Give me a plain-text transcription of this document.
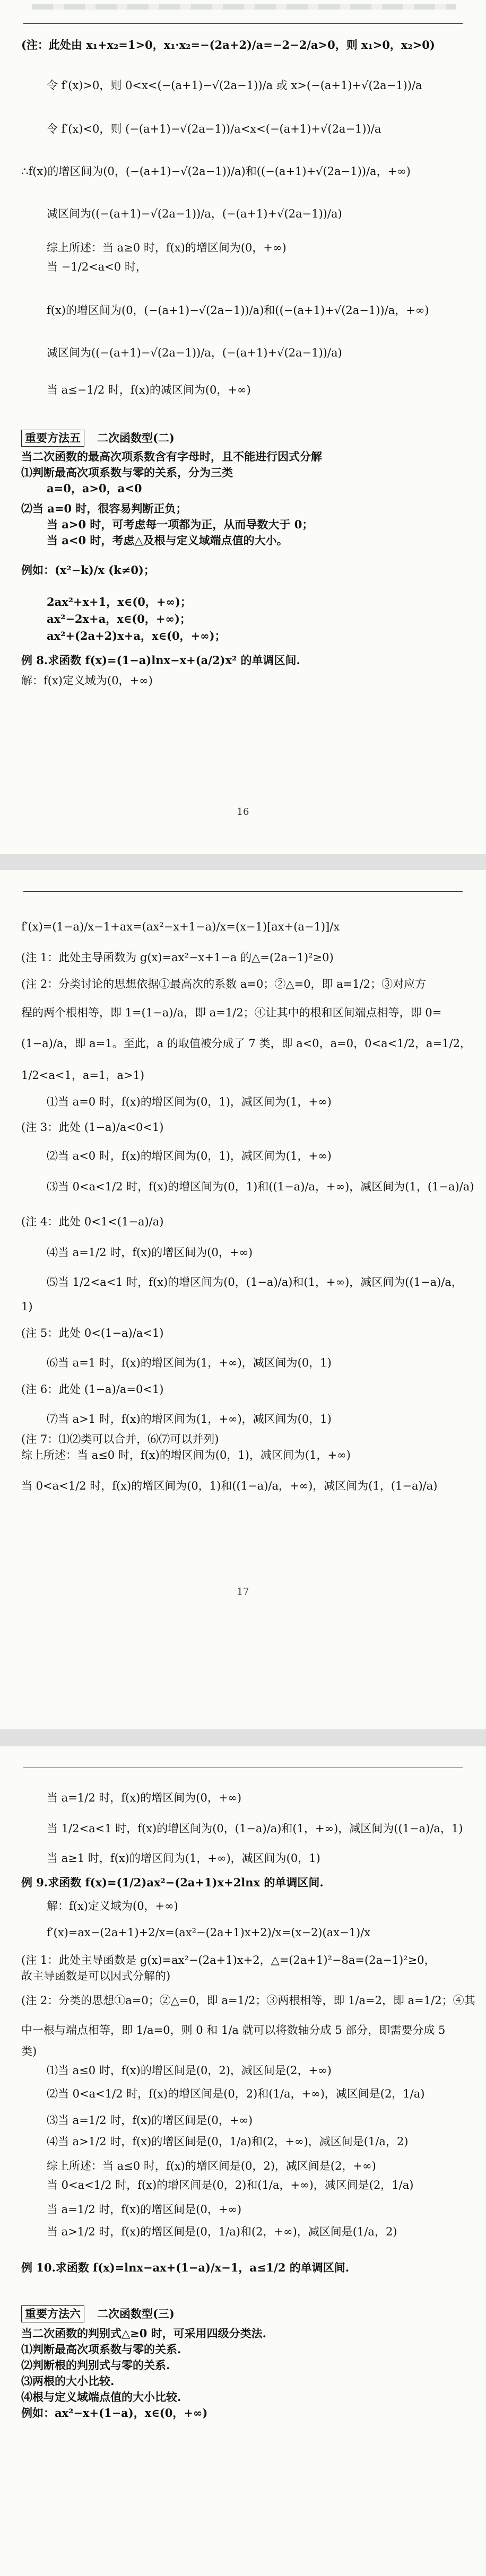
(注：此处由 x₁+x₂=1>0，x₁·x₂=−(2a+2)/a=−2−2/a>0，则 x₁>0，x₂>0)
令 f′(x)>0，则 0<x<(−(a+1)−√(2a−1))/a 或 x>(−(a+1)+√(2a−1))/a
令 f′(x)<0，则 (−(a+1)−√(2a−1))/a<x<(−(a+1)+√(2a−1))/a
∴f(x)的增区间为(0，(−(a+1)−√(2a−1))/a)和((−(a+1)+√(2a−1))/a，+∞)
减区间为((−(a+1)−√(2a−1))/a，(−(a+1)+√(2a−1))/a)
综上所述：当 a≥0 时，f(x)的增区间为(0，+∞)
当 −1/2<a<0 时，
f(x)的增区间为(0，(−(a+1)−√(2a−1))/a)和((−(a+1)+√(2a−1))/a，+∞)
减区间为((−(a+1)−√(2a−1))/a，(−(a+1)+√(2a−1))/a)
当 a≤−1/2 时，f(x)的减区间为(0，+∞)
重要方法五 二次函数型(二)
当二次函数的最高次项系数含有字母时，且不能进行因式分解
⑴判断最高次项系数与零的关系，分为三类
a=0，a>0，a<0
⑵当 a=0 时，很容易判断正负；
当 a>0 时，可考虑每一项都为正，从而导数大于 0；
当 a<0 时，考虑△及根与定义域端点值的大小。
例如：(x²−k)/x (k≠0)；
2ax²+x+1，x∈(0，+∞)；
ax²−2x+a，x∈(0，+∞)；
ax²+(2a+2)x+a，x∈(0，+∞)；
例 8.求函数 f(x)=(1−a)lnx−x+(a/2)x² 的单调区间.
解：f(x)定义域为(0，+∞)
16
f′(x)=(1−a)/x−1+ax=(ax²−x+1−a)/x=(x−1)[ax+(a−1)]/x
(注 1：此处主导函数为 g(x)=ax²−x+1−a 的△=(2a−1)²≥0)
(注 2：分类讨论的思想依据①最高次的系数 a=0；②△=0，即 a=1/2；③对应方
程的两个根相等，即 1=(1−a)/a，即 a=1/2；④让其中的根和区间端点相等，即 0=
(1−a)/a，即 a=1。至此，a 的取值被分成了 7 类，即 a<0，a=0，0<a<1/2，a=1/2，
1/2<a<1，a=1，a>1)
⑴当 a=0 时，f(x)的增区间为(0，1)，减区间为(1，+∞)
(注 3：此处 (1−a)/a<0<1)
⑵当 a<0 时，f(x)的增区间为(0，1)，减区间为(1，+∞)
⑶当 0<a<1/2 时，f(x)的增区间为(0，1)和((1−a)/a，+∞)，减区间为(1，(1−a)/a)
(注 4：此处 0<1<(1−a)/a)
⑷当 a=1/2 时，f(x)的增区间为(0，+∞)
⑸当 1/2<a<1 时，f(x)的增区间为(0，(1−a)/a)和(1，+∞)，减区间为((1−a)/a，
1)
(注 5：此处 0<(1−a)/a<1)
⑹当 a=1 时，f(x)的增区间为(1，+∞)，减区间为(0，1)
(注 6：此处 (1−a)/a=0<1)
⑺当 a>1 时，f(x)的增区间为(1，+∞)，减区间为(0，1)
(注 7：⑴⑵类可以合并，⑹⑺可以并列)
综上所述：当 a≤0 时，f(x)的增区间为(0，1)，减区间为(1，+∞)
当 0<a<1/2 时，f(x)的增区间为(0，1)和((1−a)/a，+∞)，减区间为(1，(1−a)/a)
17
当 a=1/2 时，f(x)的增区间为(0，+∞)
当 1/2<a<1 时，f(x)的增区间为(0，(1−a)/a)和(1，+∞)，减区间为((1−a)/a，1)
当 a≥1 时，f(x)的增区间为(1，+∞)，减区间为(0，1)
例 9.求函数 f(x)=(1/2)ax²−(2a+1)x+2lnx 的单调区间.
解：f(x)定义域为(0，+∞)
f′(x)=ax−(2a+1)+2/x=(ax²−(2a+1)x+2)/x=(x−2)(ax−1)/x
(注 1：此处主导函数是 g(x)=ax²−(2a+1)x+2，△=(2a+1)²−8a=(2a−1)²≥0，
故主导函数是可以因式分解的)
(注 2：分类的思想①a=0；②△=0，即 a=1/2；③两根相等，即 1/a=2，即 a=1/2；④其
中一根与端点相等，即 1/a=0，则 0 和 1/a 就可以将数轴分成 5 部分，即需要分成 5
类)
⑴当 a≤0 时，f(x)的增区间是(0，2)，减区间是(2，+∞)
⑵当 0<a<1/2 时，f(x)的增区间是(0，2)和(1/a，+∞)，减区间是(2，1/a)
⑶当 a=1/2 时，f(x)的增区间是(0，+∞)
⑷当 a>1/2 时，f(x)的增区间是(0，1/a)和(2，+∞)，减区间是(1/a，2)
综上所述：当 a≤0 时，f(x)的增区间是(0，2)，减区间是(2，+∞)
当 0<a<1/2 时，f(x)的增区间是(0，2)和(1/a，+∞)，减区间是(2，1/a)
当 a=1/2 时，f(x)的增区间是(0，+∞)
当 a>1/2 时，f(x)的增区间是(0，1/a)和(2，+∞)，减区间是(1/a，2)
例 10.求函数 f(x)=lnx−ax+(1−a)/x−1，a≤1/2 的单调区间.
重要方法六 二次函数型(三)
当二次函数的判别式△≥0 时，可采用四级分类法.
⑴判断最高次项系数与零的关系.
⑵判断根的判别式与零的关系.
⑶两根的大小比较.
⑷根与定义域端点值的大小比较.
例如：ax²−x+(1−a)，x∈(0，+∞)
